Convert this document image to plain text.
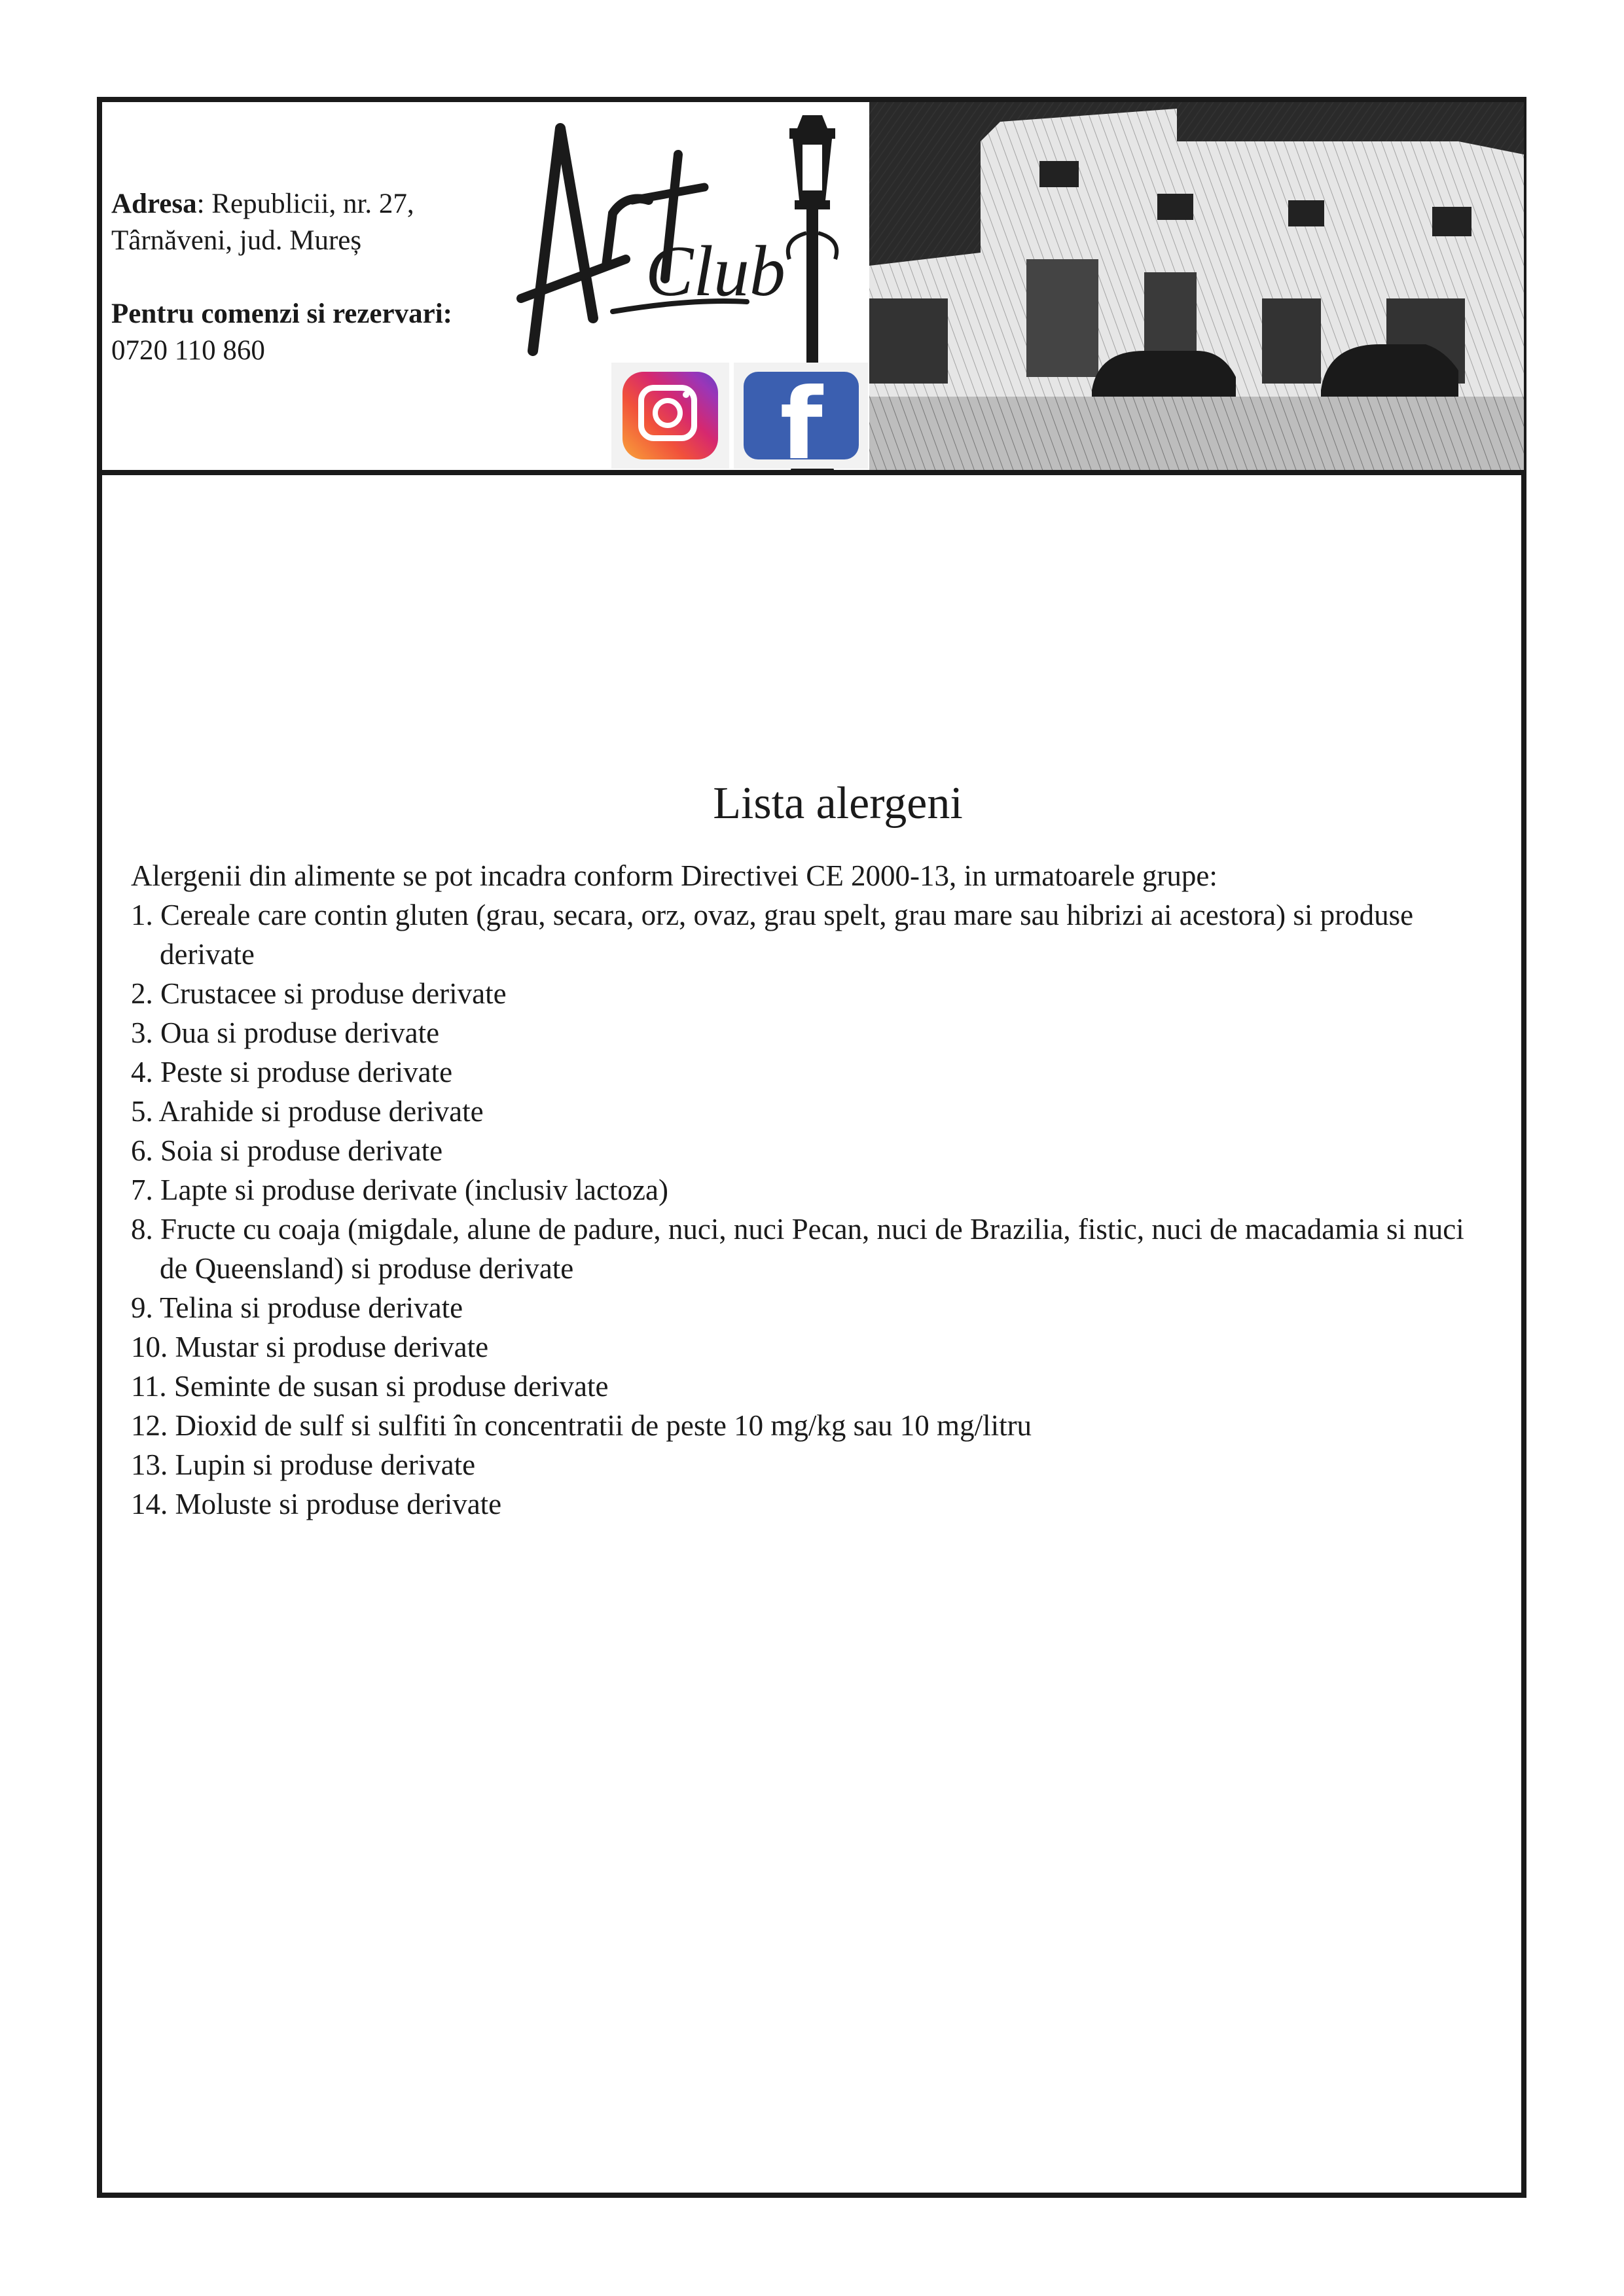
Adresa: Republicii, nr. 27,

Târnăveni, jud. Mureș

Pentru comenzi si rezervari:

0720 110 860

Club
f
Lista alergeni

Alergenii din alimente se pot incadra conform Directivei CE 2000-13, in urmatoarele grupe:

1. Cereale care contin gluten (grau, secara, orz, ovaz, grau spelt, grau mare sau hibrizi ai acestora) si produse derivate
2. Crustacee si produse derivate
3. Oua si produse derivate
4. Peste si produse derivate
5. Arahide si produse derivate
6. Soia si produse derivate
7. Lapte si produse derivate (inclusiv lactoza)
8. Fructe cu coaja (migdale, alune de padure, nuci, nuci Pecan, nuci de Brazilia, fistic, nuci de macadamia si nuci de Queensland) si produse derivate
9. Telina si produse derivate
10. Mustar si produse derivate
11. Seminte de susan si produse derivate
12. Dioxid de sulf si sulfiti în concentratii de peste 10 mg/kg sau 10 mg/litru
13. Lupin si produse derivate
14. Moluste si produse derivate
